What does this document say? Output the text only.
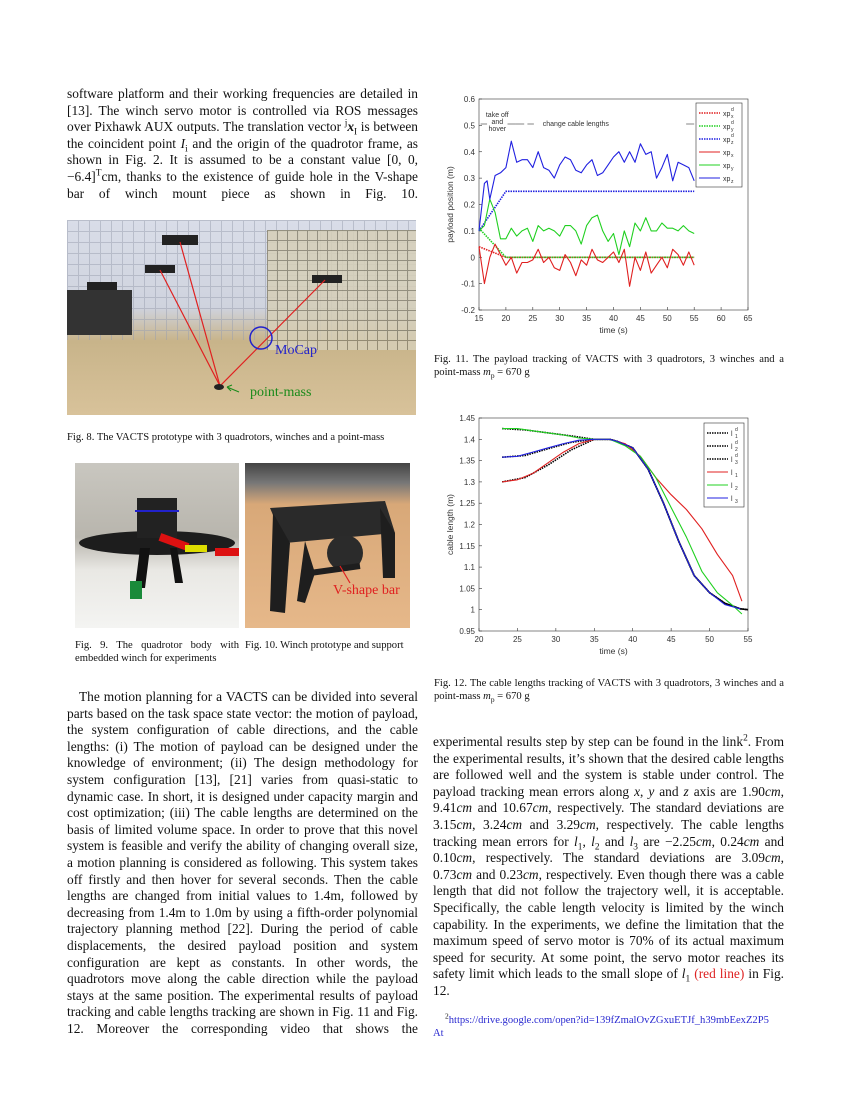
software platform and their working frequencies are detailed in [13]. The winch servo motor is controlled via ROS messages over Pixhawk AUX outputs. The translation vector $^jx_I$ is between the coincident point $I_i$ and the origin of the quadrotor frame, as shown in Fig. 2. It is assumed to be a constant value [0, 0, −6.4]$^T$cm, thanks to the existence of guide hole in the V-shape bar of winch mount piece as shown in Fig. 10.
MoCap
point-mass
Fig. 8. The VACTS prototype with 3 quadrotors, winches and a point-mass
V-shape bar
Fig. 9. The quadrotor body with embedded winch for experiments
Fig. 10. Winch prototype and support
The motion planning for a VACTS can be divided into several parts based on the task space state vector: the motion of payload, the system configuration of cable directions, and the cable lengths: (i) The motion of payload can be designed under the knowledge of environment; (ii) The design methodology for system configuration [13], [21] varies from quasi-static to dynamic case. In short, it is designed under capacity margin and cost optimization; (iii) The cable lengths are determined on the basis of limited volume space. In order to prove that this novel system is feasible and verify the ability of changing overall size, a motion planning is considered as following. This system takes off firstly and then hover for several seconds. Then the cable lengths are changed from initial values to 1.4m, followed by decreasing from 1.4m to 1.0m by using a fifth-order polynomial trajectory planning method [22]. During the period of cable displacements, the desired payload position and system configuration are kept as constants. In other words, the quadrotors move along the cable direction while the payload stays at the same position. The experimental results of payload tracking and cable lengths tracking are shown in Fig. 11 and Fig. 12. Moreover the corresponding video that shows the
15 20 25 30 35 40 45 50 55 60 65
-0.2
-0.1
0
0.1
0.2
0.3
0.4
0.5
0.6
time (s)
payload position (m)
xp x
d
xp y
d
xp z
d
xp x
xp y
xp z
take off
and
hover
change cable lengths
Fig. 11. The payload tracking of VACTS with 3 quadrotors, 3 winches and a point-mass $m_p = 670$ g
20	25	30	35	40	45	50	55
0.95
1
1.05
1.1
1.15
1.2
1.25
1.3
1.35
1.4
1.45
time (s)
cable length (m)
l 1
d
l 2
d
l 3
d
l 1
l 2
l 3
Fig. 12. The cable lengths tracking of VACTS with 3 quadrotors, 3 winches and a point-mass $m_p = 670$ g
experimental results step by step can be found in the link$^2$. From the experimental results, it’s shown that the desired cable lengths are followed well and the system is stable under control. The payload tracking mean errors along x, y and z axis are 1.90cm, 9.41cm and 10.67cm, respectively. The standard deviations are 3.15cm, 3.24cm and 3.29cm, respectively. The cable lengths tracking mean errors for $l_1$, $l_2$ and $l_3$ are −2.25cm, 0.24cm and 0.10cm, respectively. The standard deviations are 3.09cm, 0.73cm and 0.23cm, respectively. Even though there was a cable length that did not follow the trajectory well, it is acceptable. Specifically, the cable length velocity is limited by the winch capability. In the experiments, we define the limitation that the maximum speed of servo motor is 70% of its actual maximum speed for security. At some point, the servo motor reaches its safety limit which leads to the small slope of $l_1$ (red line) in Fig. 12.
$^2$https://drive.google.com/open?id=139fZmalOvZGxuETJf_h39mbEexZ2P5At
